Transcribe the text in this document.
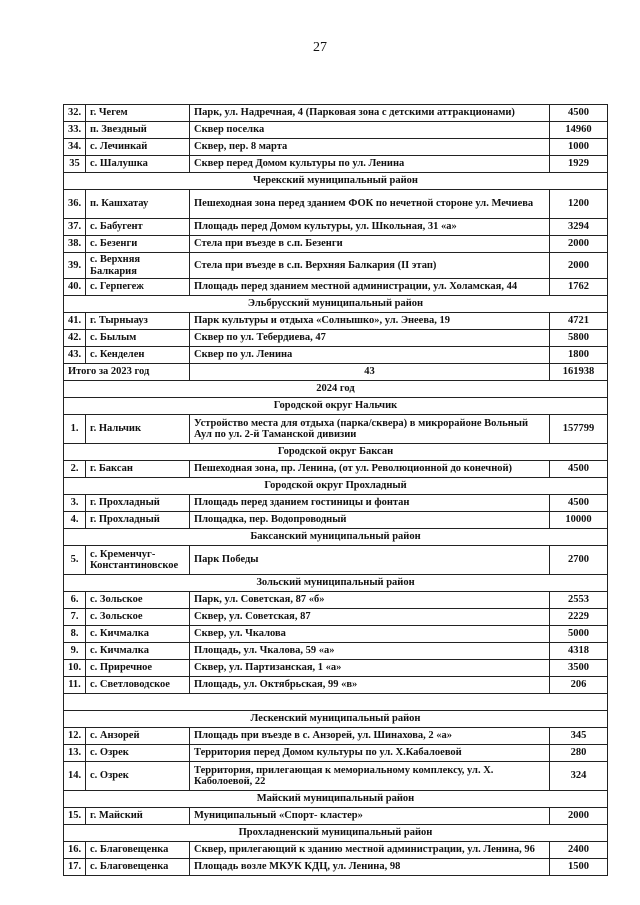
27
32.	г. Чегем	Парк, ул. Надречная, 4 (Парковая зона с детскими аттракционами)	4500
33.	п. Звездный	Сквер поселка	14960
34.	с. Лечинкай	Сквер, пер. 8 марта	1000
35	с. Шалушка	Сквер перед Домом культуры по ул. Ленина	1929
Черекский муниципальный район			
36.	п. Кашхатау	Пешеходная зона перед зданием ФОК по нечетной стороне ул. Мечиева	1200
37.	с. Бабугент	Площадь перед Домом культуры, ул. Школьная, 31 «а»	3294
38.	с. Безенги	Стела при въезде в с.п. Безенги	2000
39.	с. Верхняя Балкария	Стела при въезде в с.п. Верхняя Балкария (II этап)	2000
40.	с. Герпегеж	Площадь перед зданием местной администрации, ул. Холамская, 44	1762
Эльбрусский муниципальный район			
41.	г. Тырныауз	Парк культуры и отдыха «Солнышко», ул. Энеева, 19	4721
42.	с. Былым	Сквер по ул. Тебердиева, 47	5800
43.	с. Кенделен	Сквер по ул. Ленина	1800
Итого за 2023 год		43	161938
2024 год			
Городской округ Нальчик			
1.	г. Нальчик	Устройство места для отдыха (парка/сквера) в микрорайоне Вольный Аул по ул. 2-й Таманской дивизии	157799
Городской округ Баксан			
2.	г. Баксан	Пешеходная зона, пр. Ленина, (от ул. Революционной до конечной)	4500
Городской округ Прохладный			
3.	г. Прохладный	Площадь перед зданием гостиницы и фонтан	4500
4.	г. Прохладный	Площадка, пер. Водопроводный	10000
Баксанский муниципальный район			
5.	с. Кременчуг-Константиновское	Парк Победы	2700
Зольский муниципальный район			
6.	с. Зольское	Парк, ул. Советская, 87 «б»	2553
7.	с. Зольское	Сквер, ул. Советская, 87	2229
8.	с. Кичмалка	Сквер, ул. Чкалова	5000
9.	с. Кичмалка	Площадь, ул. Чкалова, 59 «а»	4318
10.	с. Приречное	Сквер, ул. Партизанская, 1 «а»	3500
11.	с. Светловодское	Площадь, ул. Октябрьская, 99 «в»	206

Лескенский муниципальный район			
12.	с. Анзорей	Площадь при въезде в с. Анзорей, ул. Шинахова, 2 «а»	345
13.	с. Озрек	Территория перед Домом культуры по ул. Х.Кабалоевой	280
14.	с. Озрек	Территория, прилегающая к мемориальному комплексу, ул. Х. Каболоевой, 22	324
Майский муниципальный район			
15.	г. Майский	Муниципальный «Спорт- кластер»	2000
Прохладненский муниципальный район			
16.	с. Благовещенка	Сквер, прилегающий к зданию местной администрации, ул. Ленина, 96	2400
17.	с. Благовещенка	Площадь возле МКУК КДЦ, ул. Ленина, 98	1500
